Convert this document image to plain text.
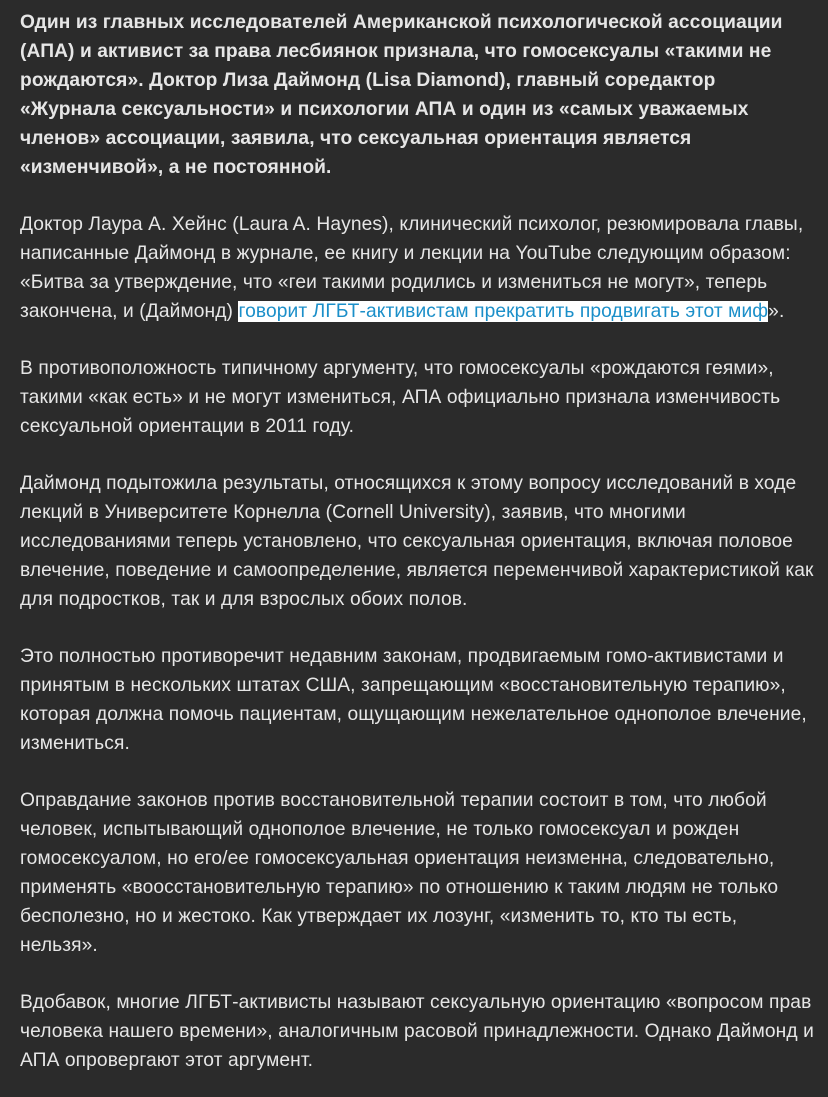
Один из главных исследователей Американской психологической ассоциации (АПА) и активист за права лесбиянок признала, что гомосексуалы «такими не рождаются». Доктор Лиза Даймонд (Lisa Diamond), главный соредактор «Журнала сексуальности» и психологии АПА и один из «самых уважаемых членов» ассоциации, заявила, что сексуальная ориентация является «изменчивой», а не постоянной.

Доктор Лаура А. Хейнс (Laura A. Haynes), клинический психолог, резюмировала главы, написанные Даймонд в журнале, ее книгу и лекции на YouTube следующим образом: «Битва за утверждение, что «геи такими родились и измениться не могут», теперь закончена, и (Даймонд) говорит ЛГБТ-активистам прекратить продвигать этот миф».

В противоположность типичному аргументу, что гомосексуалы «рождаются геями», такими «как есть» и не могут измениться, АПА официально признала изменчивость сексуальной ориентации в 2011 году.

Даймонд подытожила результаты, относящихся к этому вопросу исследований в ходе лекций в Университете Корнелла (Cornell University), заявив, что многими исследованиями теперь установлено, что сексуальная ориентация, включая половое влечение, поведение и самоопределение, является переменчивой характеристикой как для подростков, так и для взрослых обоих полов.

Это полностью противоречит недавним законам, продвигаемым гомо-активистами и принятым в нескольких штатах США, запрещающим «восстановительную терапию», которая должна помочь пациентам, ощущающим нежелательное однополое влечение, измениться.

Оправдание законов против восстановительной терапии состоит в том, что любой человек, испытывающий однополое влечение, не только гомосексуал и рожден гомосексуалом, но его/ее гомосексуальная ориентация неизменна, следовательно, применять «воосстановительную терапию» по отношению к таким людям не только бесполезно, но и жестоко. Как утверждает их лозунг, «изменить то, кто ты есть, нельзя».

Вдобавок, многие ЛГБТ-активисты называют сексуальную ориентацию «вопросом прав человека нашего времени», аналогичным расовой принадлежности. Однако Даймонд и АПА опровергают этот аргумент.
